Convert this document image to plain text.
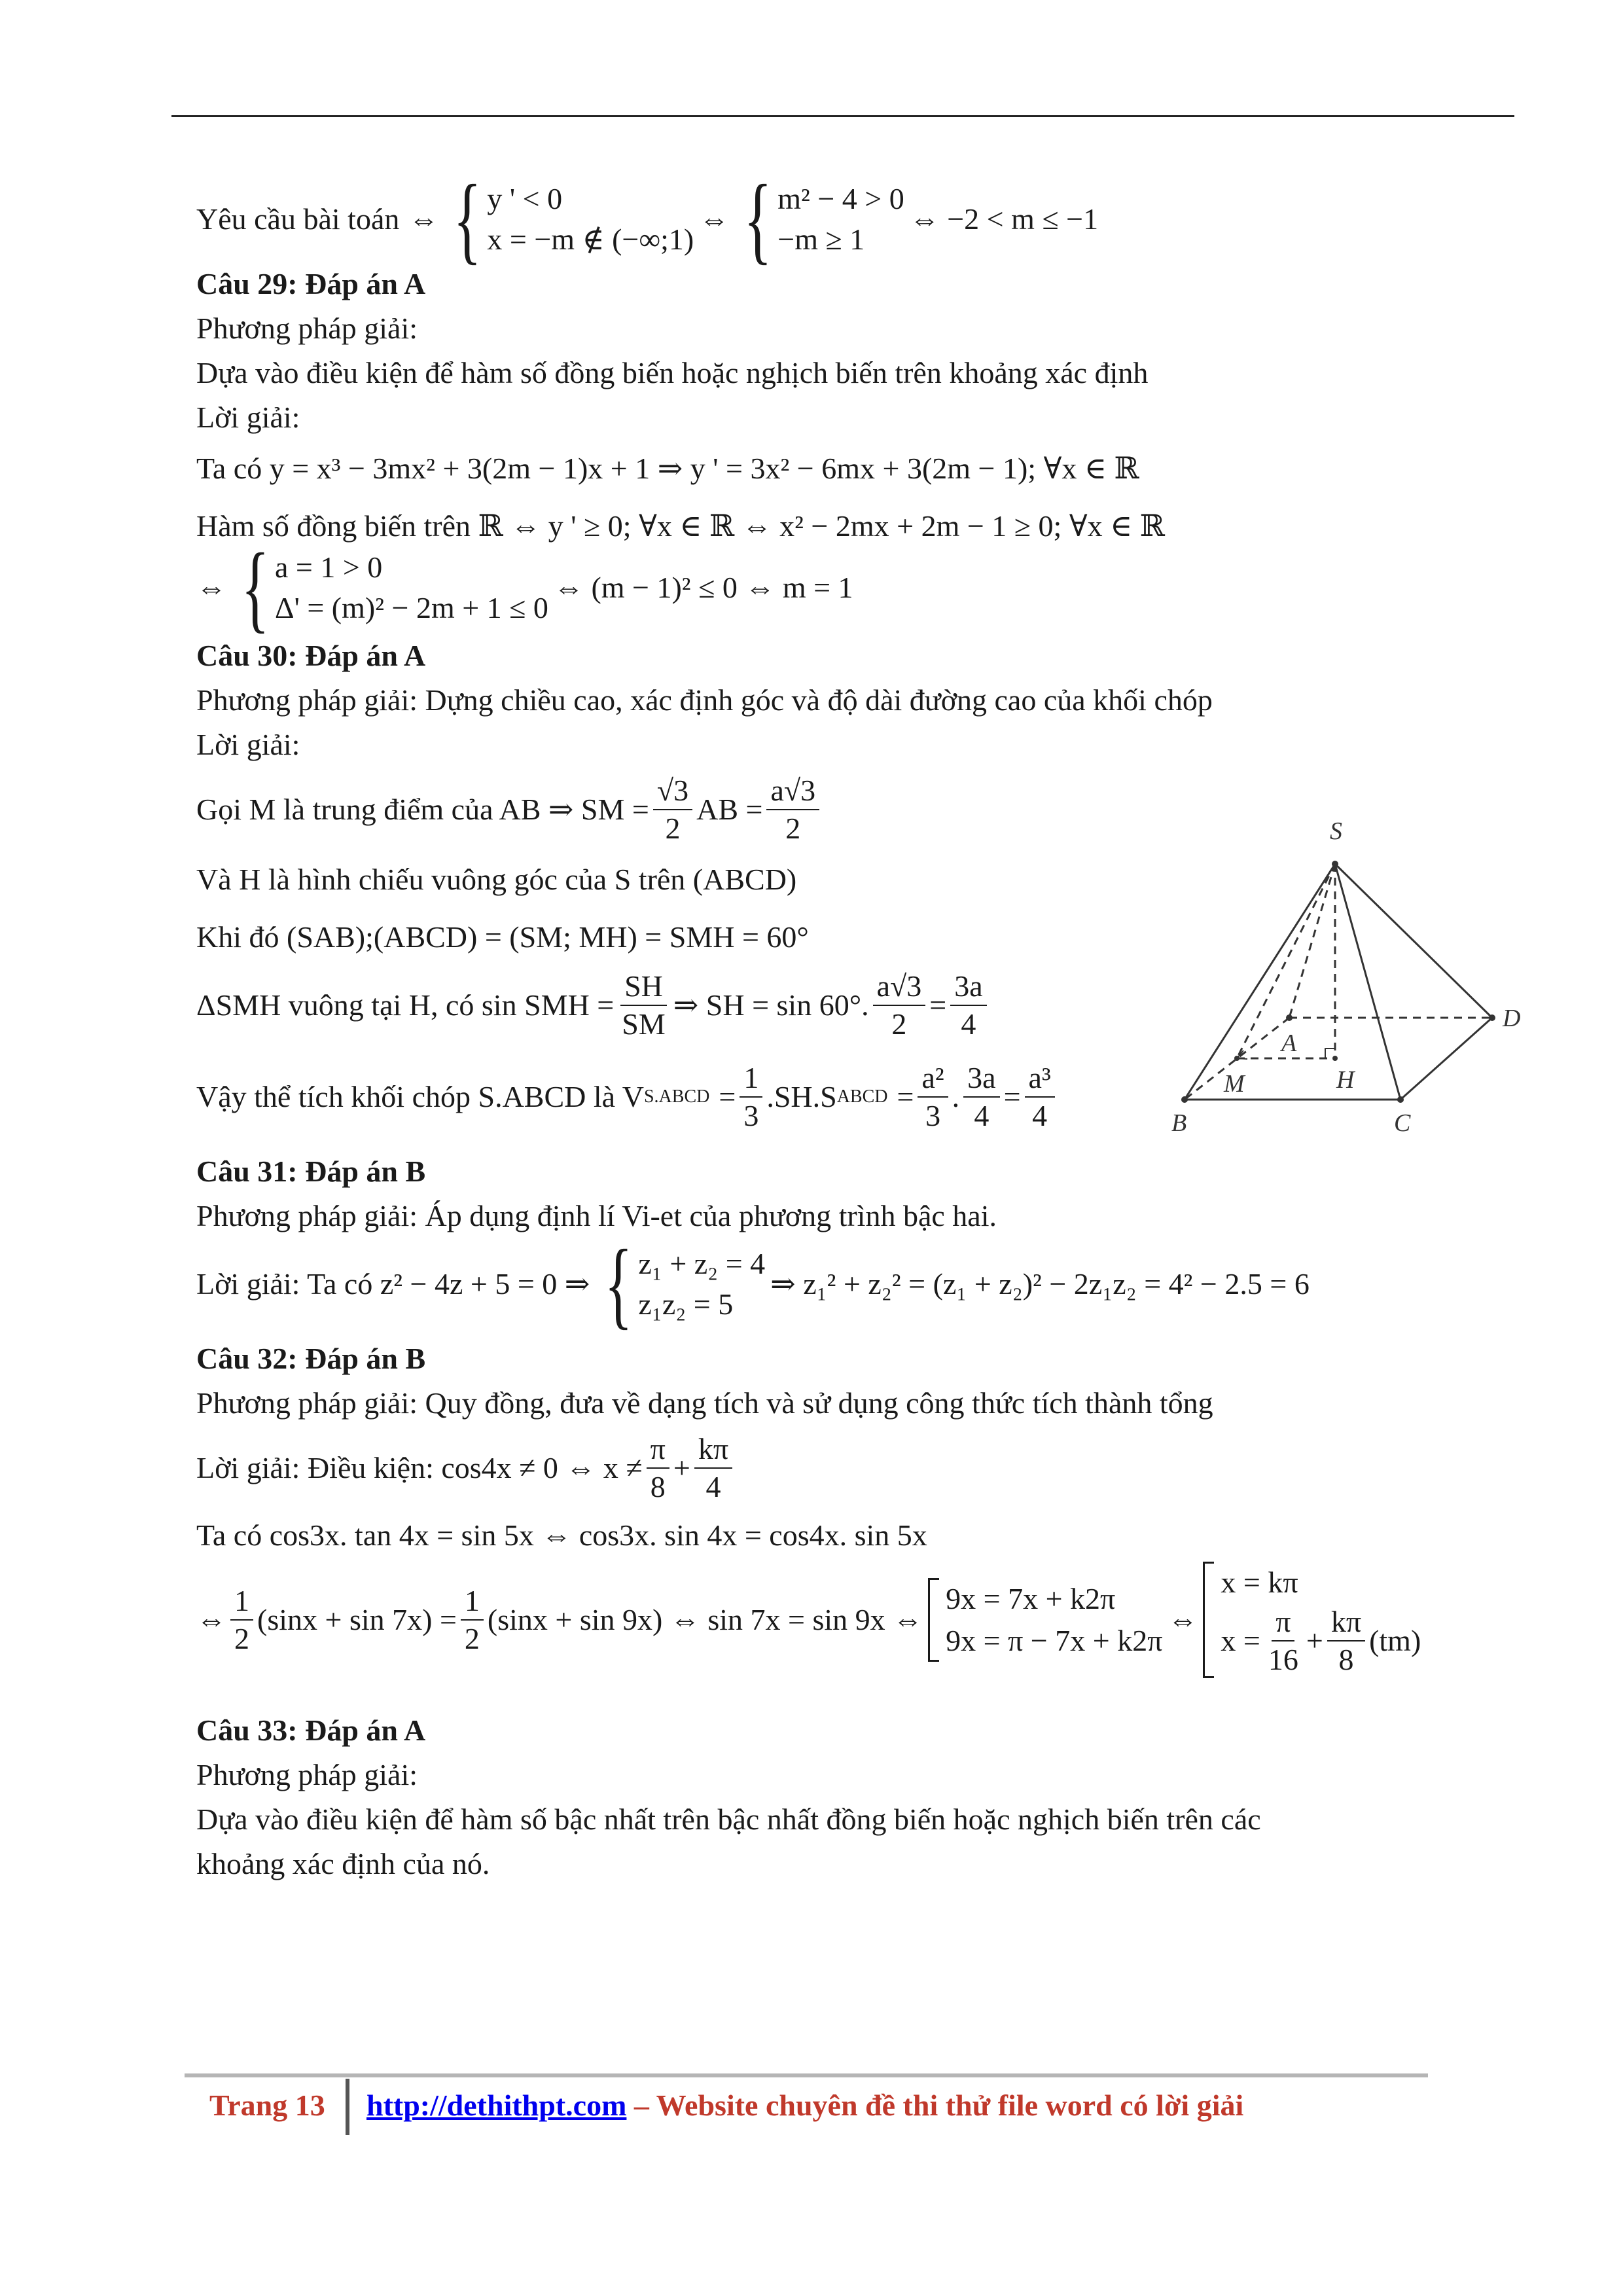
Yêu cầu bài toán ⇔ { y ' < 0
x = −m ∉ (−∞;1)
⇔ { m² − 4 > 0
−m ≥ 1
⇔ −2 < m ≤ −1
Câu 29: Đáp án A
Phương pháp giải:
Dựa vào điều kiện để hàm số đồng biến hoặc nghịch biến trên khoảng xác định
Lời giải:
Ta có y = x³ − 3mx² + 3(2m − 1)x + 1 ⇒ y ' = 3x² − 6mx + 3(2m − 1); ∀x ∈ ℝ
Hàm số đồng biến trên ℝ ⇔ y ' ≥ 0; ∀x ∈ ℝ ⇔ x² − 2mx + 2m − 1 ≥ 0; ∀x ∈ ℝ
⇔ { a = 1 > 0
Δ' = (m)² − 2m + 1 ≤ 0
⇔ (m − 1)² ≤ 0 ⇔ m = 1
Câu 30: Đáp án A
Phương pháp giải: Dựng chiều cao, xác định góc và độ dài đường cao của khối chóp
Lời giải:
Gọi M là trung điểm của AB ⇒ SM = $\frac{√3}{2}$ AB = $\frac{a√3}{2}$
Và H là hình chiếu vuông góc của S trên (ABCD)
Khi đó (SAB);(ABCD) = (SM; MH) = SMH = 60°
ΔSMH vuông tại H, có sin SMH = $\frac{SH}{SM}$ ⇒ SH = sin 60°. $\frac{a√3}{2} = \frac{3a}{4}$
Vậy thể tích khối chóp S.ABCD là V S.ABCD = $\frac{1}{3} .SH.S$ ABCD = $\frac{\text{a²}}{3}$ . $\frac{3a}{4} = \frac{\text{a³}}{4}$
Câu 31: Đáp án B
Phương pháp giải: Áp dụng định lí Vi-et của phương trình bậc hai.
Lời giải: Ta có z² − 4z + 5 = 0 ⇒ { z₁ + z₂ = 4
z₁z₂ = 5
⇒ z₁² + z₂² = (z₁ + z₂)² − 2z₁z₂ = 4² − 2.5 = 6
Câu 32: Đáp án B
Phương pháp giải: Quy đồng, đưa về dạng tích và sử dụng công thức tích thành tổng
Lời giải: Điều kiện: cos4x ≠ 0 ⇔ $x \ne \frac{\pi}{8} + \frac{k\pi}{4}$
Ta có cos3x. tan 4x = sin 5x ⇔ cos3x. sin 4x = cos4x. sin 5x
⇔ $\frac{1}{2} (\sin x + \sin 7x) = \frac{1}{2} (\sin x + \sin 9x)$ ⇔ sin 7x = sin 9x ⇔
9x = 7x + k2π
9x = π − 7x + k2π
⇔
x = kπ
$x = \frac{\pi}{16} + \frac{k\pi}{8} (tm)$
Câu 33: Đáp án A
Phương pháp giải:
Dựa vào điều kiện để hàm số bậc nhất trên bậc nhất đồng biến hoặc nghịch biến trên các
khoảng xác định của nó.
S
A
D
B	C
M	H
Trang 13 http://dethithpt.com – Website chuyên đề thi thử file word có lời giải
